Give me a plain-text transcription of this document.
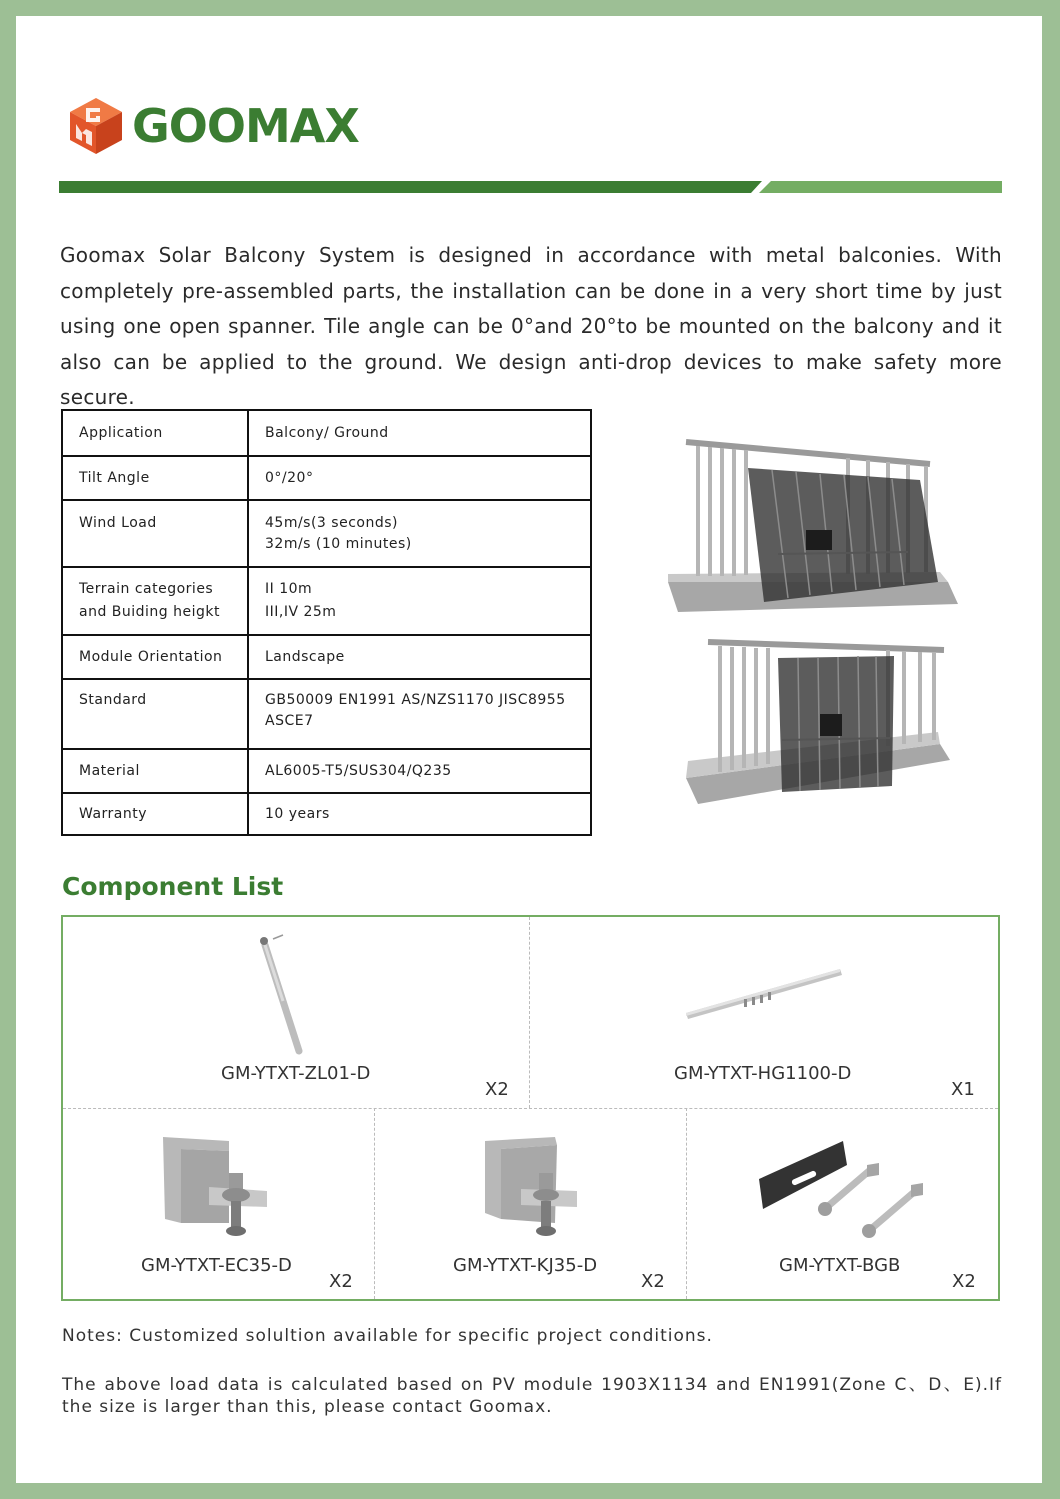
GOOMAX
Goomax Solar Balcony System is designed in accordance with metal balconies. With completely pre-assembled parts, the installation can be done in a very short time by just using one open spanner. Tile angle can be 0°and 20°to be mounted on the balcony and it also can be applied to the ground. We design anti-drop devices to make safety more secure.
Application	Balcony/ Ground
Tilt Angle	0°/20°
Wind Load	45m/s(3 seconds)
32m/s (10 minutes)
Terrain categories
and Buiding heigkt	II 10m
III,IV 25m
Module Orientation	Landscape
Standard	GB50009 EN1991 AS/NZS1170 JISC8955
ASCE7
Material	AL6005-T5/SUS304/Q235
Warranty	10 years
Component List
GM-YTXT-ZL01-D
X2
GM-YTXT-HG1100-D
X1
GM-YTXT-EC35-D
X2
GM-YTXT-KJ35-D
X2
GM-YTXT-BGB
X2
Notes: Customized solultion available for specific project conditions.
The above load data is calculated based on PV module 1903X1134 and EN1991(Zone C、D、E).If the size is larger than this, please contact Goomax.
